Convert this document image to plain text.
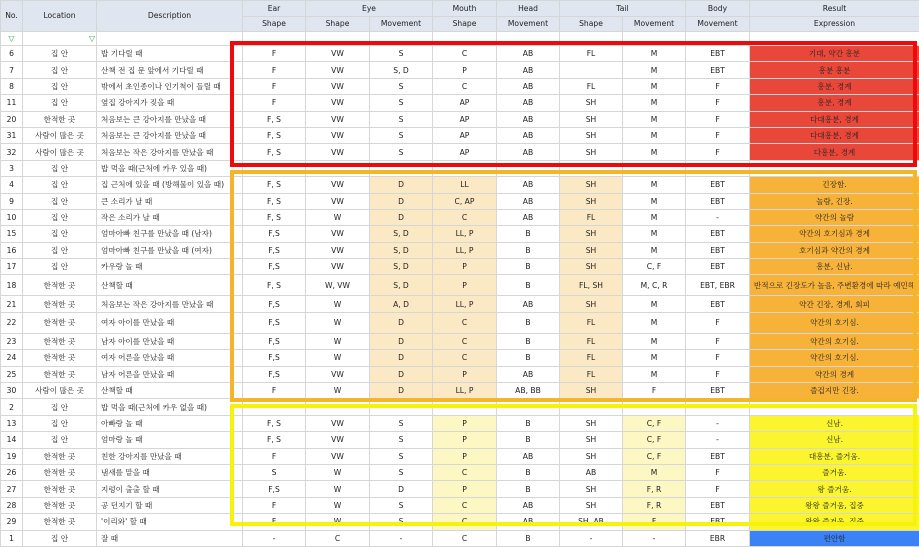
No.	Location	Description	Ear	Eye		Mouth	Head	Tail		Body	Result
			Shape	Shape	Movement	Shape	Movement	Shape	Movement	Movement	Expression
▽	▽										
6	집 안	밥 기다릴 때	F	VW	S	C	AB	FL	M	EBT	기대, 약간 흥분
7	집 안	산책 전 집 문 앞에서 기다릴 때	F	VW	S, D	P	AB		M	EBT	흥분 흥분
8	집 안	밖에서 초인종이나 인기척이 들릴 때	F	VW	S	C	AB	FL	M	F	흥분, 경계
11	집 안	옆집 강아지가 짖을 때	F	VW	S	AP	AB	SH	M	F	흥분, 경계
20	한적한 곳	처음보는 큰 강아지를 만났을 때	F, S	VW	S	AP	AB	SH	M	F	다대흥분, 경계
31	사람이 많은 곳	처음보는 큰 강아지를 만났을 때	F, S	VW	S	AP	AB	SH	M	F	다대흥분, 경계
32	사람이 많은 곳	처음보는 작은 강아지를 만났을 때	F, S	VW	S	AP	AB	SH	M	F	다흥분, 경계
3	집 안	밥 먹을 때(근처에 카우 있을 때)									
4	집 안	집 근처에 있을 때 (방해물이 있을 때)	F, S	VW	D	LL	AB	SH	M	EBT	긴장함.
9	집 안	큰 소리가 날 때	F, S	VW	D	C, AP	AB	SH	M	EBT	놀람, 긴장.
10	집 안	작은 소리가 날 때	F, S	W	D	C	AB	FL	M	-	약간의 놀람
15	집 안	엄마아빠 친구를 만났을 때 (남자)	F,S	VW	S, D	LL, P	B	SH	M	EBT	약간의 호기심과 경계
16	집 안	엄마아빠 친구를 만났을 때 (여자)	F,S	VW	S, D	LL, P	B	SH	M	EBT	호기심과 약간의 경계
17	집 안	카우랑 놀 때	F,S	VW	S, D	P	B	SH	C, F	EBT	흥분, 신남.
18	한적한 곳	산책할 때	F, S	W, VW	S, D	P	B	FL, SH	M, C, R	EBT, EBR	반적으로 긴장도가 높음, 주변환경에 따라 예민해
21	한적한 곳	처음보는 작은 강아지를 만났을 때	F,S	W	A, D	LL, P	AB	SH	M	EBT	약간 긴장, 경계, 회피
22	한적한 곳	여자 아이를 만났을 때	F,S	W	D	C	B	FL	M	F	약간의 호기심.
23	한적한 곳	남자 아이를 만났을 때	F,S	W	D	C	B	FL	M	F	약간의 호기심.
24	한적한 곳	여자 어른을 만났을 때	F,S	W	D	C	B	FL	M	F	약간의 호기심.
25	한적한 곳	남자 어른을 만났을 때	F,S	VW	D	P	AB	FL	M	F	약간의 경계
30	사람이 많은 곳	산책할 때	F	W	D	LL, P	AB, BB	SH	F	EBT	즐겁지만 긴장.
2	집 안	밥 먹을 때(근처에 카우 없을 때)									
13	집 안	아빠랑 놀 때	F, S	VW	S	P	B	SH	C, F	-	신남.
14	집 안	엄마랑 놀 때	F, S	VW	S	P	B	SH	C, F	-	신남.
19	한적한 곳	친한 강아지를 만났을 때	F	VW	S	P	AB	SH	C, F	EBT	대흥분, 즐거움.
26	한적한 곳	냄새를 맡을 때	S	W	S	C	B	AB	M	F	즐거움.
27	한적한 곳	지렁이 출출 할 때	F,S	W	D	P	B	SH	F, R	F	왕 즐거움.
28	한적한 곳	공 던지기 할 때	F	W	S	C	AB	SH	F, R	EBT	왕왕 즐거움, 집중
29	한적한 곳	'이리와' 할 때	F	W	S	C	AB	SH, AB	F	EBT	왕왕 즐거움, 집중
1	집 안	잘 때	-	C	-	C	B	-	-	EBR	편안함
